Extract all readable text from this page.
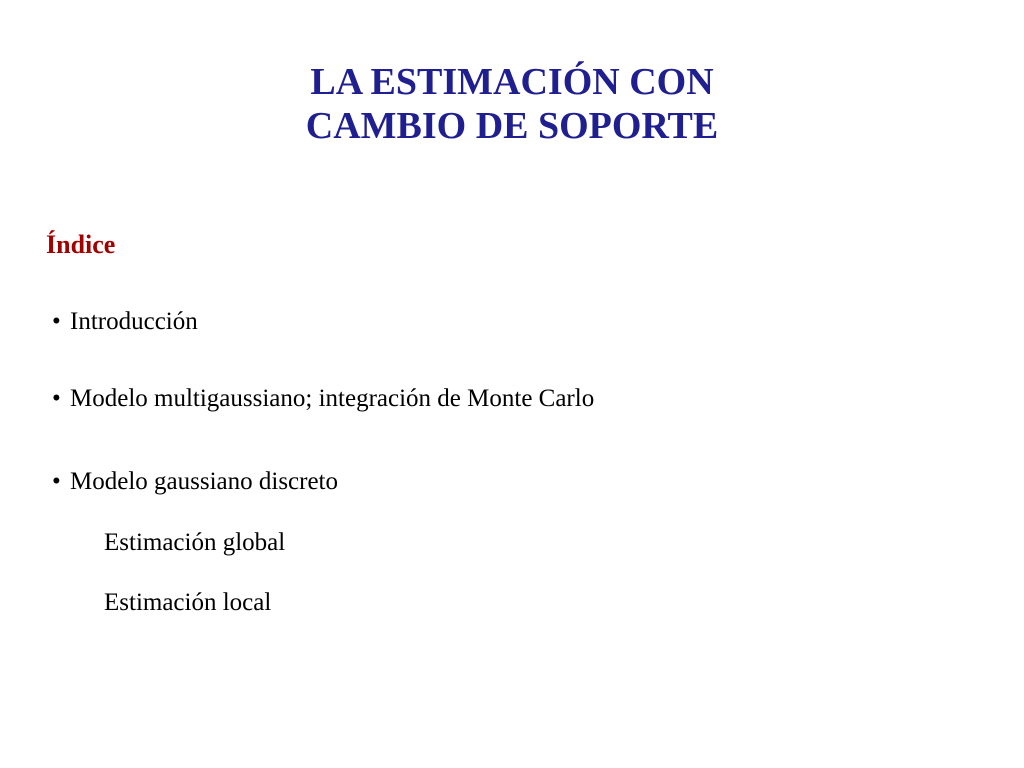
LA ESTIMACIÓN CON
CAMBIO DE SOPORTE
Índice
• Introducción
• Modelo multigaussiano; integración de Monte Carlo
• Modelo gaussiano discreto
Estimación global
Estimación local
